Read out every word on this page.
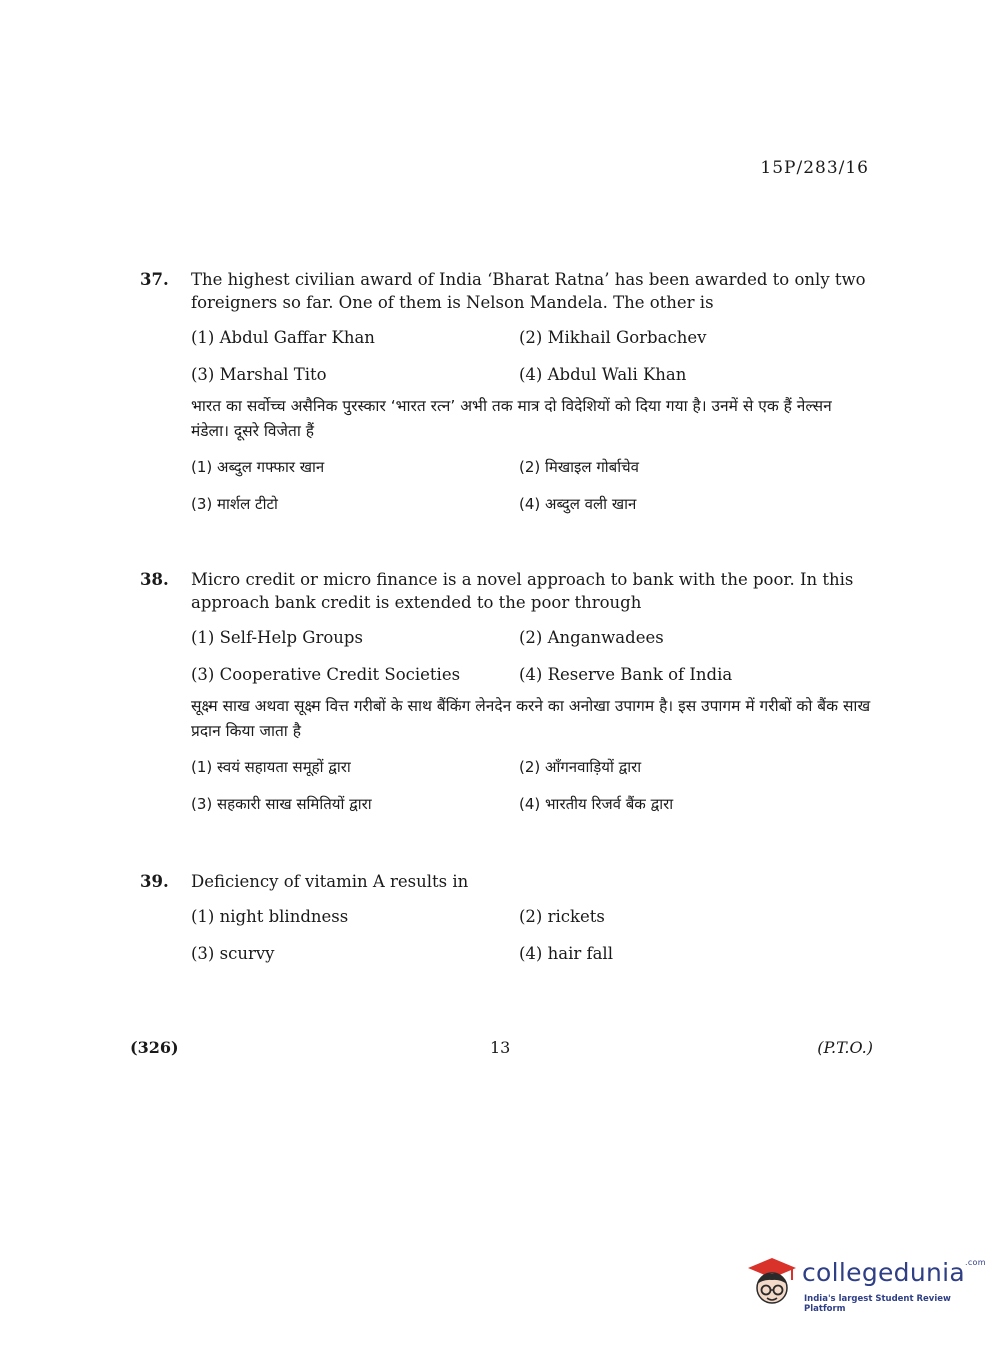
15P/283/16
37. The highest civilian award of India ‘Bharat Ratna’ has been awarded to only two foreigners so far. One of them is Nelson Mandela. The other is
(1) Abdul Gaffar Khan	(2) Mikhail Gorbachev
(3) Marshal Tito	(4) Abdul Wali Khan
भारत का सर्वोच्च असैनिक पुरस्कार ‘भारत रत्न’ अभी तक मात्र दो विदेशियों को दिया गया है। उनमें से एक हैं नेल्सन मंडेला। दूसरे विजेता हैं
(1) अब्दुल गफ्फार खान	(2) मिखाइल गोर्बाचेव
(3) मार्शल टीटो	(4) अब्दुल वली खान
38. Micro credit or micro finance is a novel approach to bank with the poor. In this approach bank credit is extended to the poor through
(1) Self-Help Groups	(2) Anganwadees
(3) Cooperative Credit Societies	(4) Reserve Bank of India
सूक्ष्म साख अथवा सूक्ष्म वित्त गरीबों के साथ बैंकिंग लेनदेन करने का अनोखा उपागम है। इस उपागम में गरीबों को बैंक साख प्रदान किया जाता है
(1) स्वयं सहायता समूहों द्वारा	(2) आँगनवाड़ियों द्वारा
(3) सहकारी साख समितियों द्वारा	(4) भारतीय रिजर्व बैंक द्वारा
39. Deficiency of vitamin A results in
(1) night blindness	(2) rickets
(3) scurvy	(4) hair fall
(326)	13	(P.T.O.)
collegedunia$^{.com}$
India's largest Student Review Platform
